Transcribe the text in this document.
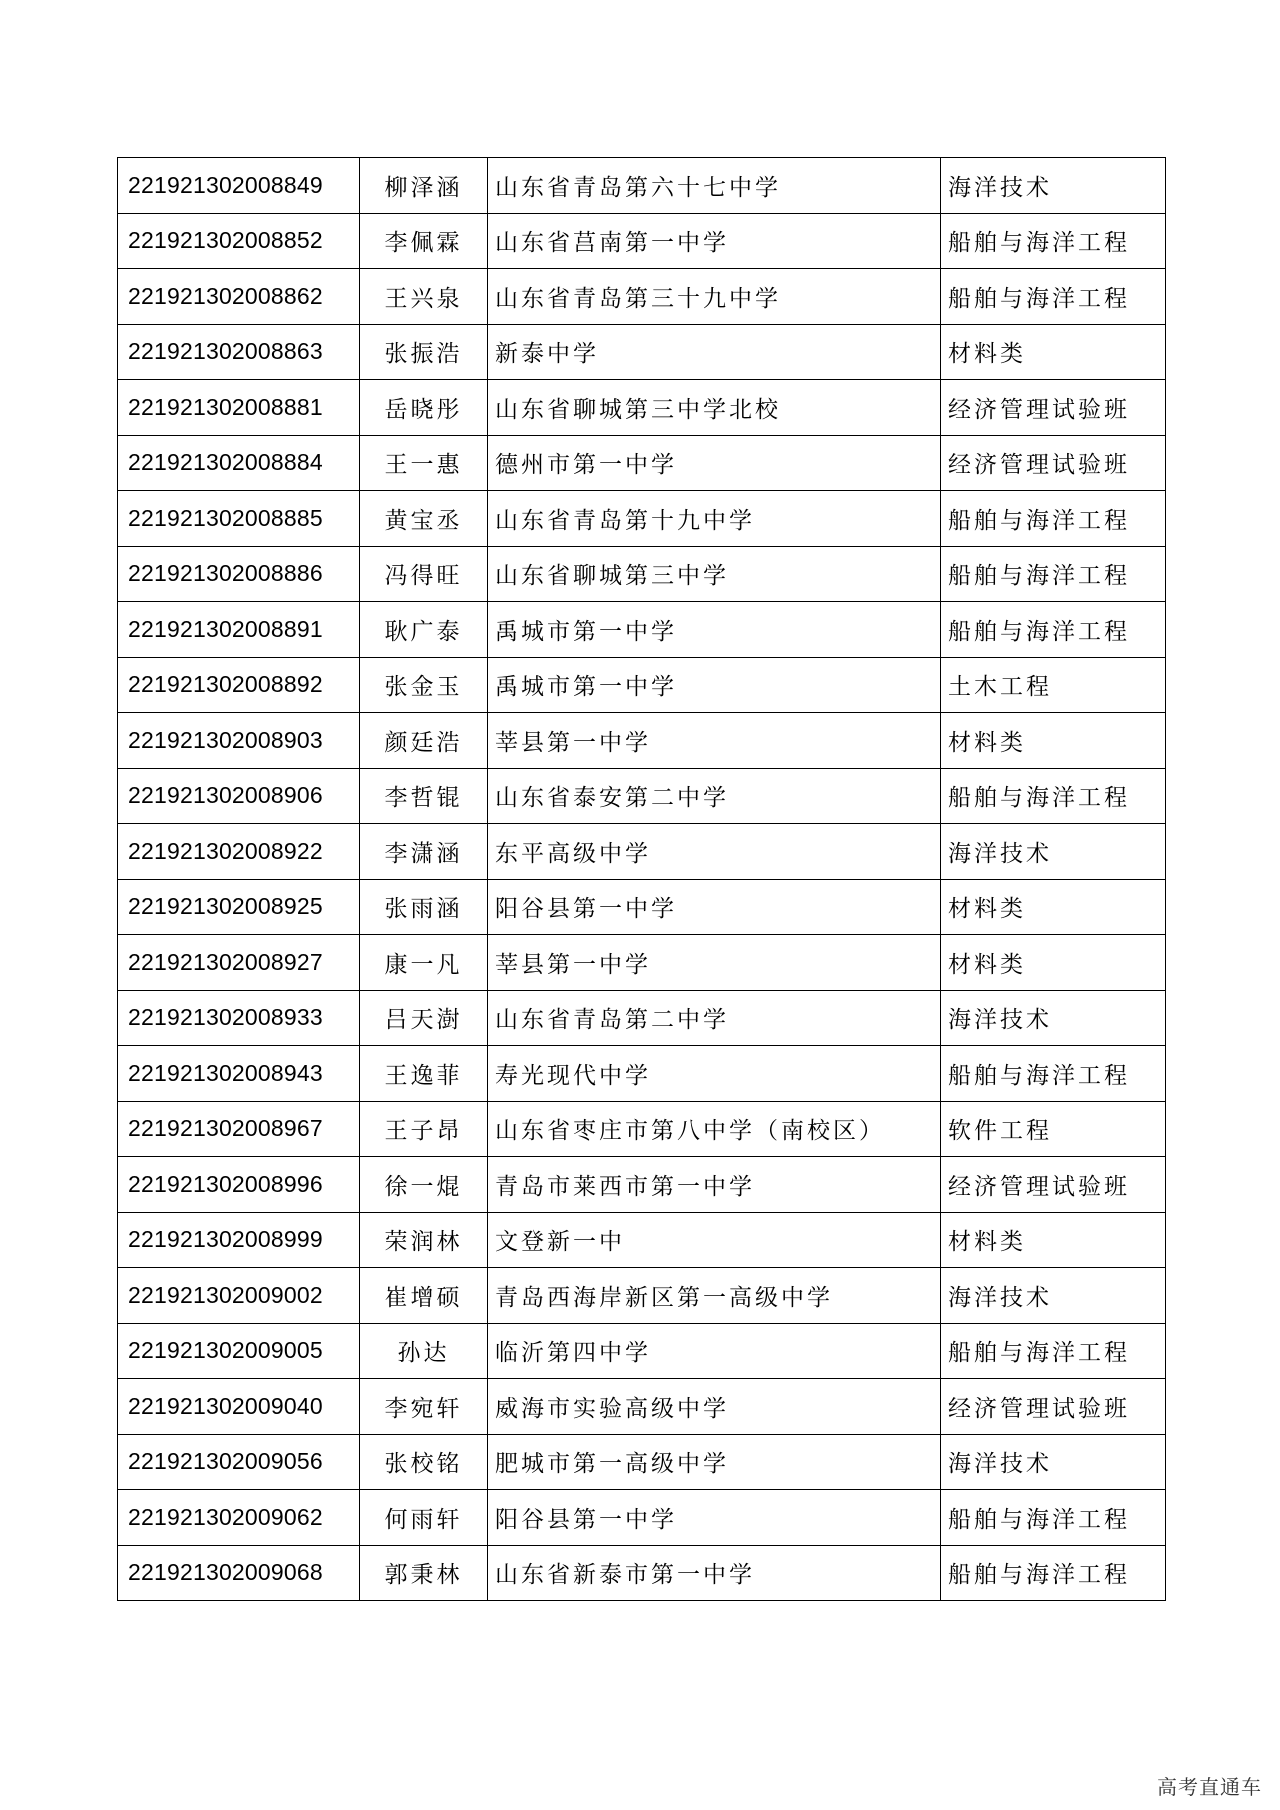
221921302008849	柳泽涵	山东省青岛第六十七中学	海洋技术
221921302008852	李佩霖	山东省莒南第一中学	船舶与海洋工程
221921302008862	王兴泉	山东省青岛第三十九中学	船舶与海洋工程
221921302008863	张振浩	新泰中学	材料类
221921302008881	岳晓彤	山东省聊城第三中学北校	经济管理试验班
221921302008884	王一惠	德州市第一中学	经济管理试验班
221921302008885	黄宝丞	山东省青岛第十九中学	船舶与海洋工程
221921302008886	冯得旺	山东省聊城第三中学	船舶与海洋工程
221921302008891	耿广泰	禹城市第一中学	船舶与海洋工程
221921302008892	张金玉	禹城市第一中学	土木工程
221921302008903	颜廷浩	莘县第一中学	材料类
221921302008906	李哲锟	山东省泰安第二中学	船舶与海洋工程
221921302008922	李潇涵	东平高级中学	海洋技术
221921302008925	张雨涵	阳谷县第一中学	材料类
221921302008927	康一凡	莘县第一中学	材料类
221921302008933	吕天澍	山东省青岛第二中学	海洋技术
221921302008943	王逸菲	寿光现代中学	船舶与海洋工程
221921302008967	王子昂	山东省枣庄市第八中学（南校区）	软件工程
221921302008996	徐一焜	青岛市莱西市第一中学	经济管理试验班
221921302008999	荣润林	文登新一中	材料类
221921302009002	崔增硕	青岛西海岸新区第一高级中学	海洋技术
221921302009005	孙达	临沂第四中学	船舶与海洋工程
221921302009040	李宛轩	威海市实验高级中学	经济管理试验班
221921302009056	张校铭	肥城市第一高级中学	海洋技术
221921302009062	何雨轩	阳谷县第一中学	船舶与海洋工程
221921302009068	郭秉林	山东省新泰市第一中学	船舶与海洋工程
高考直通车
